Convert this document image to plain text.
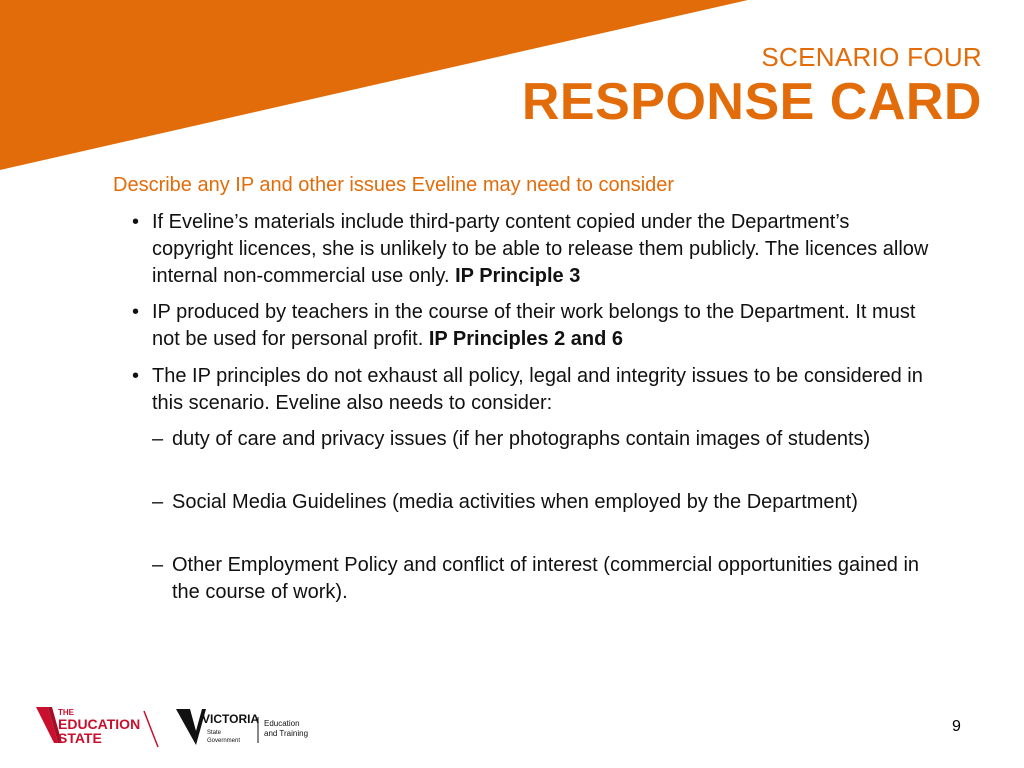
SCENARIO FOUR
RESPONSE CARD
Describe any IP and other issues Eveline may need to consider
• If Eveline’s materials include third-party content copied under the Department’s copyright licences, she is unlikely to be able to release them publicly. The licences allow internal non-commercial use only. IP Principle 3
• IP produced by teachers in the course of their work belongs to the Department. It must not be used for personal profit. IP Principles 2 and 6
• The IP principles do not exhaust all policy, legal and integrity issues to be considered in this scenario. Eveline also needs to consider:
– duty of care and privacy issues (if her photographs contain images of students)
– Social Media Guidelines (media activities when employed by the Department)
– Other Employment Policy and conflict of interest (commercial opportunities gained in the course of work).
THE
EDUCATION
STATE
VICTORIA
State
Government
Education
and Training	9
